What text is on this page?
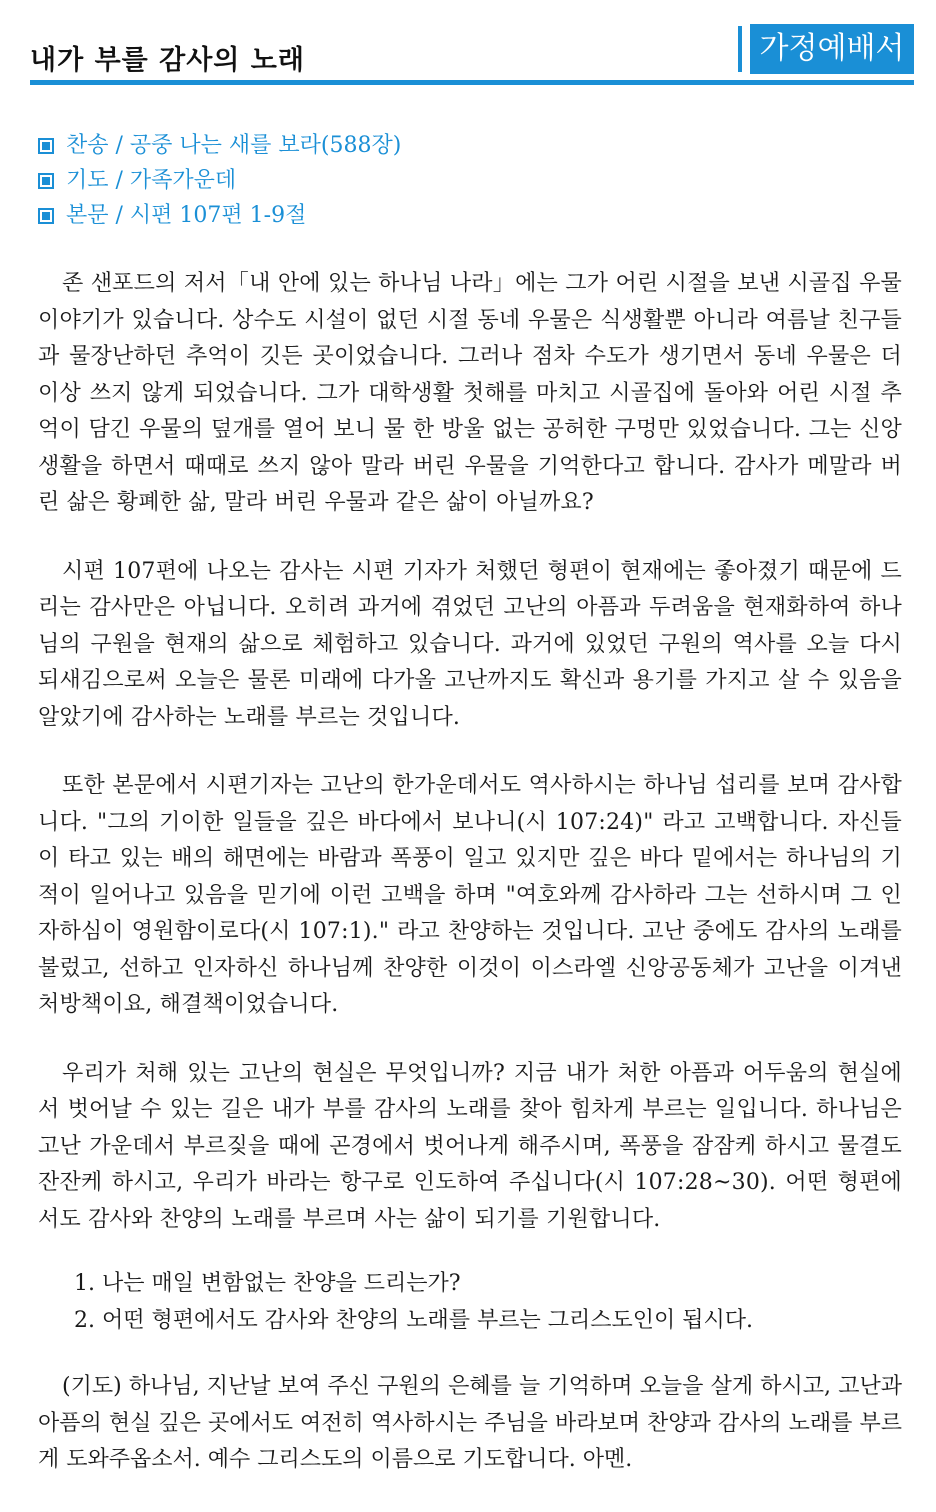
내가 부를 감사의 노래	가정예배서
찬송 / 공중 나는 새를 보라(588장)
기도 / 가족가운데
본문 / 시편 107편 1-9절

존 샌포드의 저서「내 안에 있는 하나님 나라」에는 그가 어린 시절을 보낸 시골집 우물 이야기가 있습니다. 상수도 시설이 없던 시절 동네 우물은 식생활뿐 아니라 여름날 친구들과 물장난하던 추억이 깃든 곳이었습니다. 그러나 점차 수도가 생기면서 동네 우물은 더 이상 쓰지 않게 되었습니다. 그가 대학생활 첫해를 마치고 시골집에 돌아와 어린 시절 추억이 담긴 우물의 덮개를 열어 보니 물 한 방울 없는 공허한 구멍만 있었습니다. 그는 신앙생활을 하면서 때때로 쓰지 않아 말라 버린 우물을 기억한다고 합니다. 감사가 메말라 버린 삶은 황폐한 삶, 말라 버린 우물과 같은 삶이 아닐까요?

시편 107편에 나오는 감사는 시편 기자가 처했던 형편이 현재에는 좋아졌기 때문에 드리는 감사만은 아닙니다. 오히려 과거에 겪었던 고난의 아픔과 두려움을 현재화하여 하나님의 구원을 현재의 삶으로 체험하고 있습니다. 과거에 있었던 구원의 역사를 오늘 다시 되새김으로써 오늘은 물론 미래에 다가올 고난까지도 확신과 용기를 가지고 살 수 있음을 알았기에 감사하는 노래를 부르는 것입니다.

또한 본문에서 시편기자는 고난의 한가운데서도 역사하시는 하나님 섭리를 보며 감사합니다. "그의 기이한 일들을 깊은 바다에서 보나니(시 107:24)" 라고 고백합니다. 자신들이 타고 있는 배의 해면에는 바람과 폭풍이 일고 있지만 깊은 바다 밑에서는 하나님의 기적이 일어나고 있음을 믿기에 이런 고백을 하며 "여호와께 감사하라 그는 선하시며 그 인자하심이 영원함이로다(시 107:1)." 라고 찬양하는 것입니다. 고난 중에도 감사의 노래를 불렀고, 선하고 인자하신 하나님께 찬양한 이것이 이스라엘 신앙공동체가 고난을 이겨낸 처방책이요, 해결책이었습니다.

우리가 처해 있는 고난의 현실은 무엇입니까? 지금 내가 처한 아픔과 어두움의 현실에서 벗어날 수 있는 길은 내가 부를 감사의 노래를 찾아 힘차게 부르는 일입니다. 하나님은 고난 가운데서 부르짖을 때에 곤경에서 벗어나게 해주시며, 폭풍을 잠잠케 하시고 물결도 잔잔케 하시고, 우리가 바라는 항구로 인도하여 주십니다(시 107:28~30). 어떤 형편에서도 감사와 찬양의 노래를 부르며 사는 삶이 되기를 기원합니다.

1. 나는 매일 변함없는 찬양을 드리는가?
2. 어떤 형편에서도 감사와 찬양의 노래를 부르는 그리스도인이 됩시다.

(기도) 하나님, 지난날 보여 주신 구원의 은혜를 늘 기억하며 오늘을 살게 하시고, 고난과 아픔의 현실 깊은 곳에서도 여전히 역사하시는 주님을 바라보며 찬양과 감사의 노래를 부르게 도와주옵소서. 예수 그리스도의 이름으로 기도합니다. 아멘.
